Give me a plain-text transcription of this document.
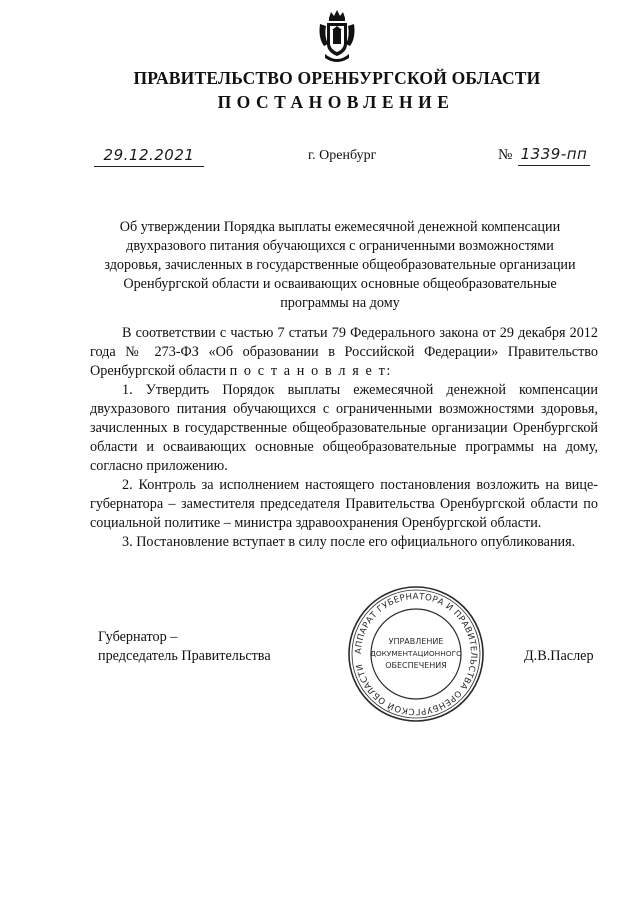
ПРАВИТЕЛЬСТВО ОРЕНБУРГСКОЙ ОБЛАСТИ
ПОСТАНОВЛЕНИЕ
29.12.2021	г. Оренбург	№ 1339-пп
Об утверждении Порядка выплаты ежемесячной денежной компенсации двухразового питания обучающихся с ограниченными возможностями здоровья, зачисленных в государственные общеобразовательные организации Оренбургской области и осваивающих основные общеобразовательные программы на дому

В соответствии с частью 7 статьи 79 Федерального закона от 29 декабря 2012 года № 273-ФЗ «Об образовании в Российской Федерации» Правительство Оренбургской области п о с т а н о в л я е т:

1. Утвердить Порядок выплаты ежемесячной денежной компенсации двухразового питания обучающихся с ограниченными возможностями здоровья, зачисленных в государственные общеобразовательные организации Оренбургской области и осваивающих основные общеобразовательные программы на дому, согласно приложению.

2. Контроль за исполнением настоящего постановления возложить на вице-губернатора – заместителя председателя Правительства Оренбургской области по социальной политике – министра здравоохранения Оренбургской области.

3. Постановление вступает в силу после его официального опубликования.

Губернатор –
председатель Правительства	Д.В.Паслер
АППАРАТ ГУБЕРНАТОРА И ПРАВИТЕЛЬСТВА ОРЕНБУРГСКОЙ ОБЛАСТИ
УПРАВЛЕНИЕ
ДОКУМЕНТАЦИОННОГО
ОБЕСПЕЧЕНИЯ
